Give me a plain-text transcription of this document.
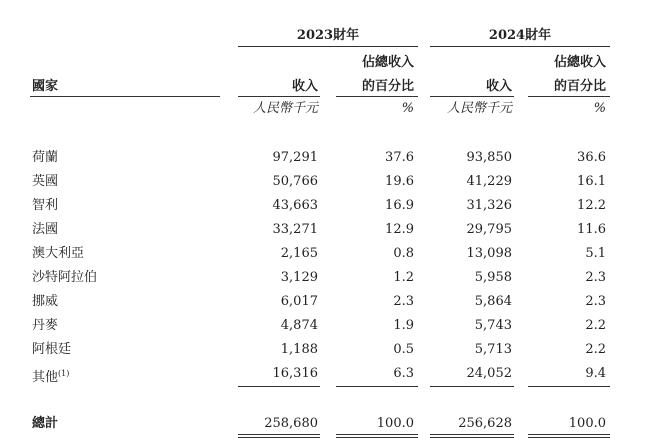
2023財年	2024財年
佔總收入	佔總收入
國家	收入	的百分比	收入	的百分比
人民幣千元	%	人民幣千元	%
荷蘭	97,291	37.6	93,850	36.6
英國	50,766	19.6	41,229	16.1
智利	43,663	16.9	31,326	12.2
法國	33,271	12.9	29,795	11.6
澳大利亞	2,165	0.8	13,098	5.1
沙特阿拉伯	3,129	1.2	5,958	2.3
挪威	6,017	2.3	5,864	2.3
丹麥	4,874	1.9	5,743	2.2
阿根廷	1,188	0.5	5,713	2.2
其他$^{(1)}$	16,316	6.3	24,052	9.4
總計	258,680	100.0	256,628	100.0
